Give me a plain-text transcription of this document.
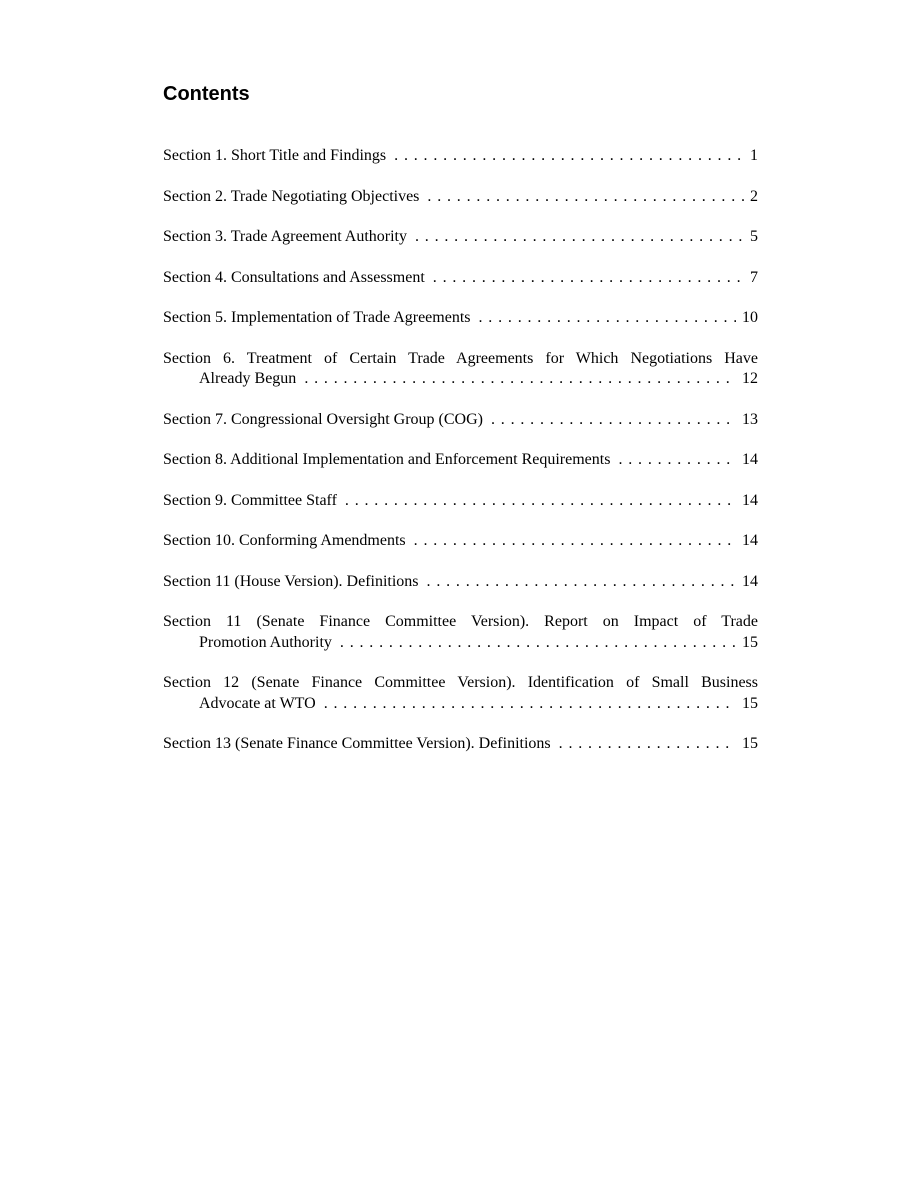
Contents
Section 1. Short Title and Findings . . .	1
Section 2. Trade Negotiating Objectives . . .	2
Section 3. Trade Agreement Authority . . .	5
Section 4. Consultations and Assessment . . .	7
Section 5. Implementation of Trade Agreements . . .	10
Section 6. Treatment of Certain Trade Agreements for Which Negotiations Have
Already Begun . . .	12
Section 7. Congressional Oversight Group (COG) . . .	13
Section 8. Additional Implementation and Enforcement Requirements . . .	14
Section 9. Committee Staff . . .	14
Section 10. Conforming Amendments . . .	14
Section 11 (House Version). Definitions . . .	14
Section 11 (Senate Finance Committee Version). Report on Impact of Trade
Promotion Authority . . .	15
Section 12 (Senate Finance Committee Version). Identification of Small Business
Advocate at WTO . . .	15
Section 13 (Senate Finance Committee Version). Definitions . . .	15
